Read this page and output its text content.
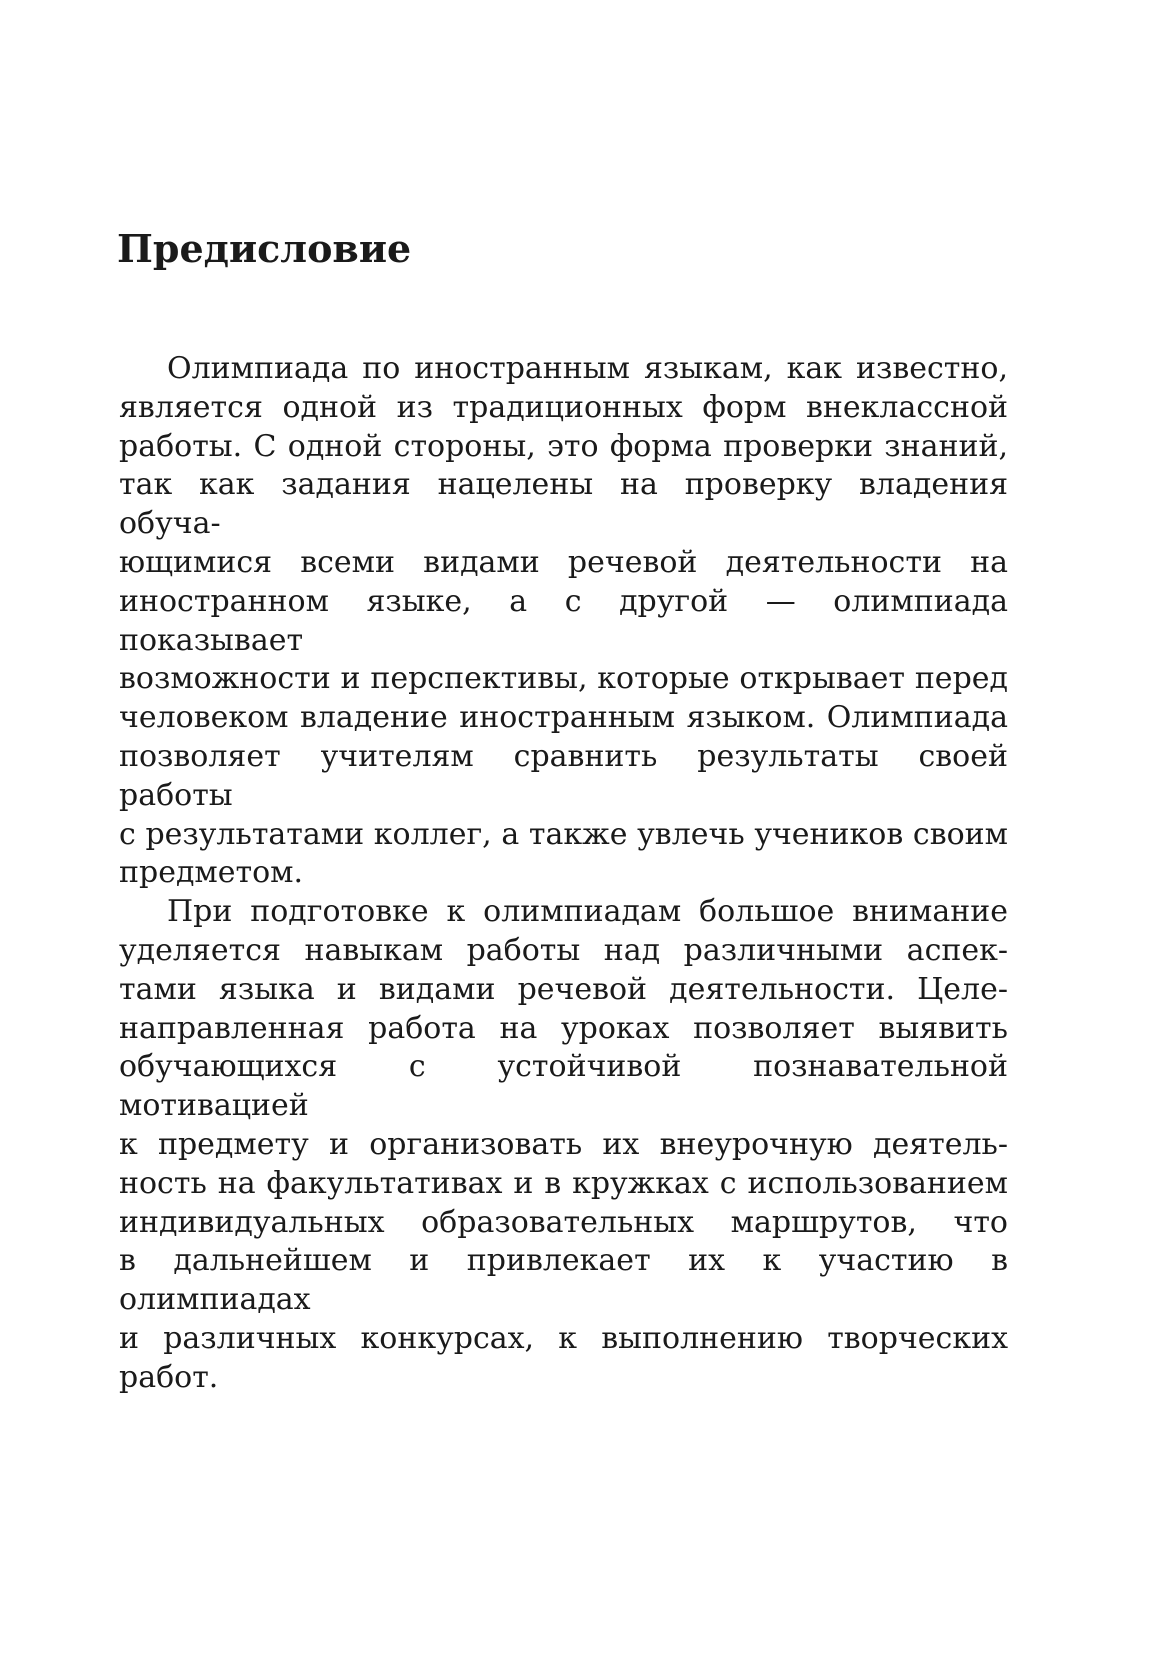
Предисловие
Олимпиада по иностранным языкам, как известно,
является одной из традиционных форм внеклассной
работы. С одной стороны, это форма проверки знаний,
так как задания нацелены на проверку владения обуча-
ющимися всеми видами речевой деятельности на
иностранном языке, а с другой — олимпиада показывает
возможности и перспективы, которые открывает перед
человеком владение иностранным языком. Олимпиада
позволяет учителям сравнить результаты своей работы
с результатами коллег, а также увлечь учеников своим
предметом.
При подготовке к олимпиадам большое внимание
уделяется навыкам работы над различными аспек-
тами языка и видами речевой деятельности. Целе-
направленная работа на уроках позволяет выявить
обучающихся с устойчивой познавательной мотивацией
к предмету и организовать их внеурочную деятель-
ность на факультативах и в кружках с использованием
индивидуальных образовательных маршрутов, что
в дальнейшем и привлекает их к участию в олимпиадах
и различных конкурсах, к выполнению творческих работ.
